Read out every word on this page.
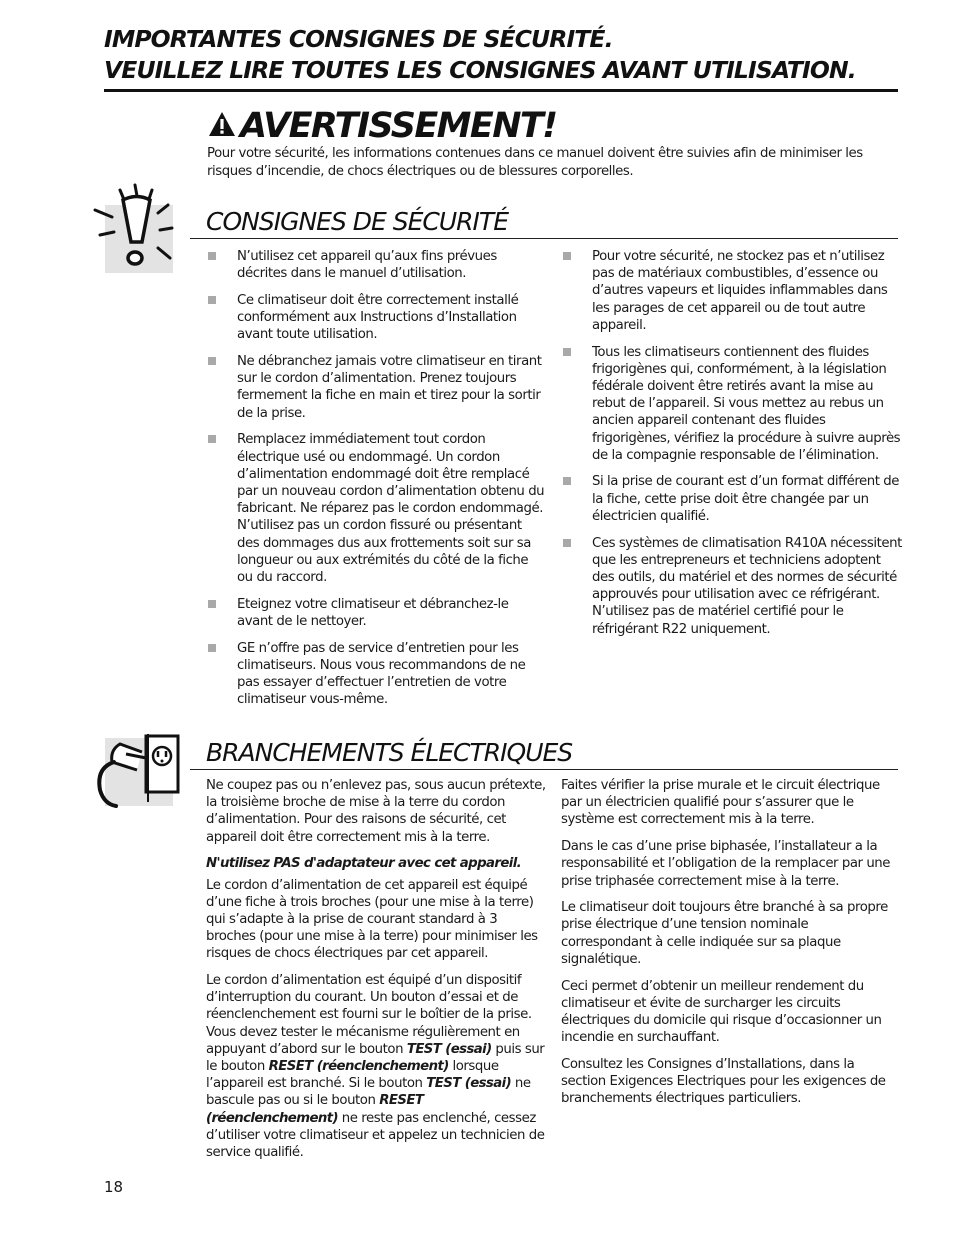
IMPORTANTES CONSIGNES DE SÉCURITÉ.
VEUILLEZ LIRE TOUTES LES CONSIGNES AVANT UTILISATION.
AVERTISSEMENT!

Pour votre sécurité, les informations contenues dans ce manuel doivent être suivies afin de minimiser les risques d’incendie, de chocs électriques ou de blessures corporelles.

CONSIGNES DE SÉCURITÉ
N’utilisez cet appareil qu’aux fins prévues décrites dans le manuel d’utilisation.
Ce climatiseur doit être correctement installé conformément aux Instructions d’Installation avant toute utilisation.
Ne débranchez jamais votre climatiseur en tirant sur le cordon d’alimentation. Prenez toujours fermement la fiche en main et tirez pour la sortir de la prise.
Remplacez immédiatement tout cordon électrique usé ou endommagé. Un cordon d’alimentation endommagé doit être remplacé par un nouveau cordon d’alimentation obtenu du fabricant. Ne réparez pas le cordon endommagé. N’utilisez pas un cordon fissuré ou présentant des dommages dus aux frottements soit sur sa longueur ou aux extrémités du côté de la fiche ou du raccord.
Eteignez votre climatiseur et débranchez-le avant de le nettoyer.
GE n’offre pas de service d’entretien pour les climatiseurs. Nous vous recommandons de ne pas essayer d’effectuer l’entretien de votre climatiseur vous-même.
Pour votre sécurité, ne stockez pas et n’utilisez pas de matériaux combustibles, d’essence ou d’autres vapeurs et liquides inflammables dans les parages de cet appareil ou de tout autre appareil.
Tous les climatiseurs contiennent des fluides frigorigènes qui, conformément, à la législation fédérale doivent être retirés avant la mise au rebut de l’appareil. Si vous mettez au rebus un ancien appareil contenant des fluides frigorigènes, vérifiez la procédure à suivre auprès de la compagnie responsable de l’élimination.
Si la prise de courant est d’un format différent de la fiche, cette prise doit être changée par un électricien qualifié.
Ces systèmes de climatisation R410A nécessitent que les entrepreneurs et techniciens adoptent des outils, du matériel et des normes de sécurité approuvés pour utilisation avec ce réfrigérant. N’utilisez pas de matériel certifié pour le réfrigérant R22 uniquement.
BRANCHEMENTS ÉLECTRIQUES

Ne coupez pas ou n’enlevez pas, sous aucun prétexte, la troisième broche de mise à la terre du cordon d’alimentation. Pour des raisons de sécurité, cet appareil doit être correctement mis à la terre.

N'utilisez PAS d'adaptateur avec cet appareil.

Le cordon d’alimentation de cet appareil est équipé d’une fiche à trois broches (pour une mise à la terre) qui s’adapte à la prise de courant standard à 3 broches (pour une mise à la terre) pour minimiser les risques de chocs électriques par cet appareil.

Le cordon d’alimentation est équipé d’un dispositif d’interruption du courant. Un bouton d’essai et de réenclenchement est fourni sur le boîtier de la prise. Vous devez tester le mécanisme régulièrement en appuyant d’abord sur le bouton TEST (essai) puis sur le bouton RESET (réenclenchement) lorsque l’appareil est branché. Si le bouton TEST (essai) ne bascule pas ou si le bouton RESET (réenclenchement) ne reste pas enclenché, cessez d’utiliser votre climatiseur et appelez un technicien de service qualifié.

Faites vérifier la prise murale et le circuit électrique par un électricien qualifié pour s’assurer que le système est correctement mis à la terre.

Dans le cas d’une prise biphasée, l’installateur a la responsabilité et l’obligation de la remplacer par une prise triphasée correctement mise à la terre.

Le climatiseur doit toujours être branché à sa propre prise électrique d’une tension nominale correspondant à celle indiquée sur sa plaque signalétique.

Ceci permet d’obtenir un meilleur rendement du climatiseur et évite de surcharger les circuits électriques du domicile qui risque d’occasionner un incendie en surchauffant.

Consultez les Consignes d’Installations, dans la section Exigences Electriques pour les exigences de branchements électriques particuliers.

18
